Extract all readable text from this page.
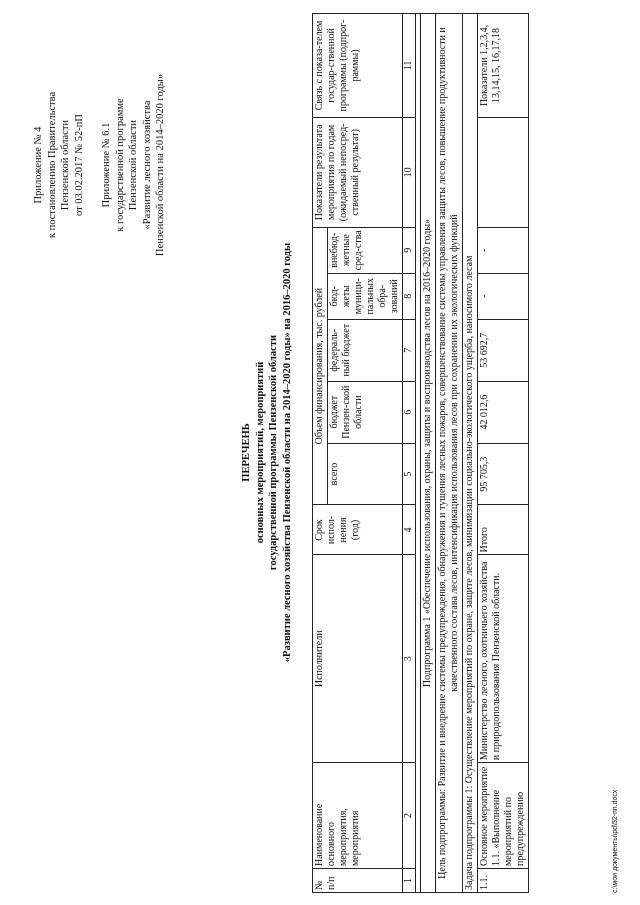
Приложение № 4 к постановлению Правительства Пензенской области от 03.02.2017 № 52-пП Приложение № 6.1 к государственной программе Пензенской области «Развитие лесного хозяйства Пензенской области на 2014–2020 годы»
ПЕРЕЧЕНЬ основных мероприятий, мероприятий государственной программы Пензенской области «Развитие лесного хозяйства Пензенской области на 2014–2020 годы» на 2016–2020 годы
№ п/п	Наименование основного мероприятия, мероприятия	Исполнители	Срок испол-нения (год)	Объем финансирования, тыс. рублей					Показатели результата мероприятия по годам (ожидаемый непосред-ственный результат)	Связь с показа-телем государ-ственной программы (подпрог-раммы)
				всего	бюджет Пензен-ской области	федераль-ный бюджет	бюд-жеты муници-пальных обра-зований	внебюд-жетные сред-ства		
1	2	3	4	5	6	7	8	9	10	11

Подпрограмма 1 «Обеспечение использования, охраны, защиты и воспроизводства лесов на 2016–2020 годы»										
Цель подпрограммы: Развитие и внедрение системы предупреждения, обнаружения и тушения лесных пожаров, совершенствование системы управления защиты лесов, повышение продуктивности и качественного состава лесов, интенсификация использования лесов при сохранении их экологических функций										
Задача подпрограммы 1: Осуществление мероприятий по охране, защите лесов, минимизации социально-экологического ущерба, наносимого лесам										
1.1.	Основное мероприятие 1.1. «Выполнение мероприятий по предупреждению	Министерство лесного, охотничьего хозяйства и природопользования Пензенской области.	Итого	95 705,3	42 012,6	53 692,7	-	-		Показатели 1,2,3,4, 13,14,15, 16,17,18
c:\мои документы\pd\52-пп.docx
